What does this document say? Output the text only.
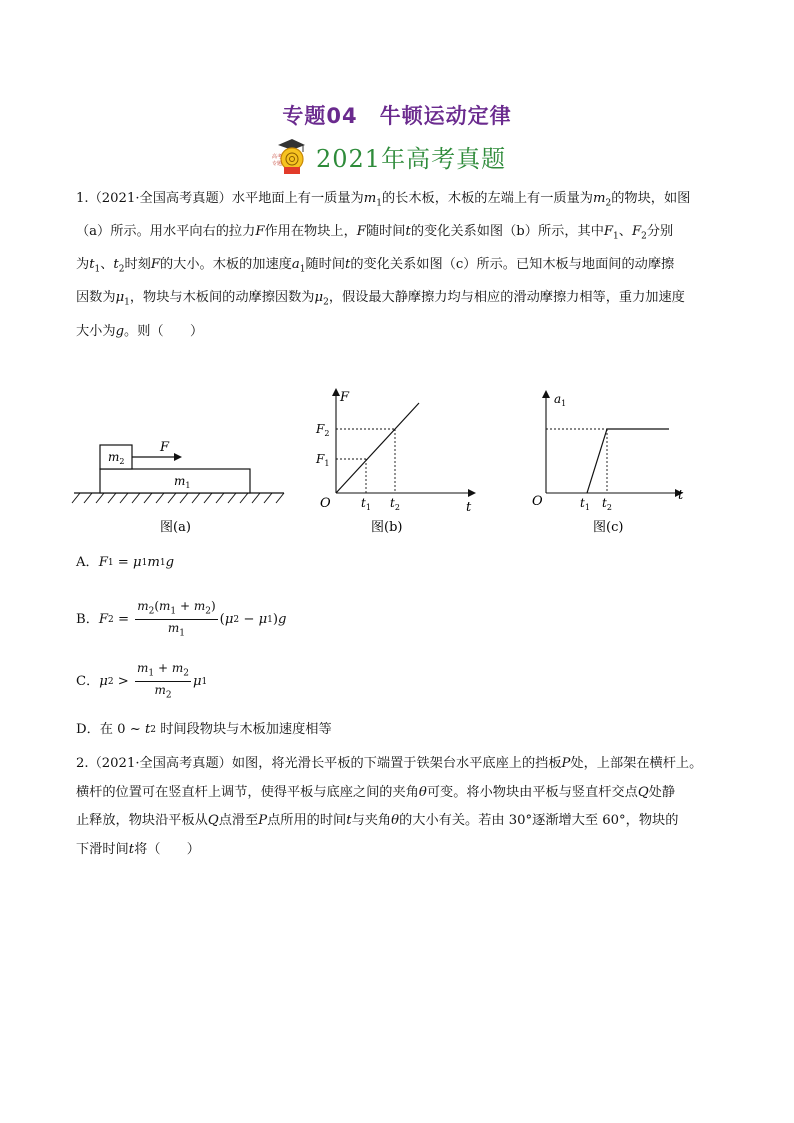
专题04　牛顿运动定律
高考
专题 2021年高考真题
1.（2021·全国高考真题）水平地面上有一质量为$m_1$的长木板，木板的左端上有一质量为$m_2$的物块，如图
（a）所示。用水平向右的拉力F作用在物块上，F随时间t的变化关系如图（b）所示，其中$F_1$、$F_2$分别
为$t_1$、$t_2$时刻F的大小。木板的加速度$a_1$随时间t的变化关系如图（c）所示。已知木板与地面间的动摩擦
因数为$\mu_1$，物块与木板间的动摩擦因数为$\mu_2$，假设最大静摩擦力均与相应的滑动摩擦力相等，重力加速度
大小为g。则（　　）
$m_1$
$m_2$
F
图(a)
F
t
O
$F_1$
$F_2$
$t_1$ $t_2$
图(b)
$a_1$
t
O	$t_1$ $t_2$
图(c)
A． F 1 = μ 1 m 1 g
B． F $2 = \frac{m_2(m_1 + m_2)}{m_1}$ ( μ 2 − μ 1 ) g
C． μ $2 > \frac{m_1 + m_2}{m_2}$ μ 1
D． 在
0 ~ t 2
时间段物块与木板加速度相等
2.（2021·全国高考真题）如图，将光滑长平板的下端置于铁架台水平底座上的挡板P处，上部架在横杆上。
横杆的位置可在竖直杆上调节，使得平板与底座之间的夹角θ可变。将小物块由平板与竖直杆交点Q处静
止释放，物块沿平板从Q点滑至P点所用的时间t与夹角θ的大小有关。若由 30°逐渐增大至 60°，物块的
下滑时间t将（　　）
